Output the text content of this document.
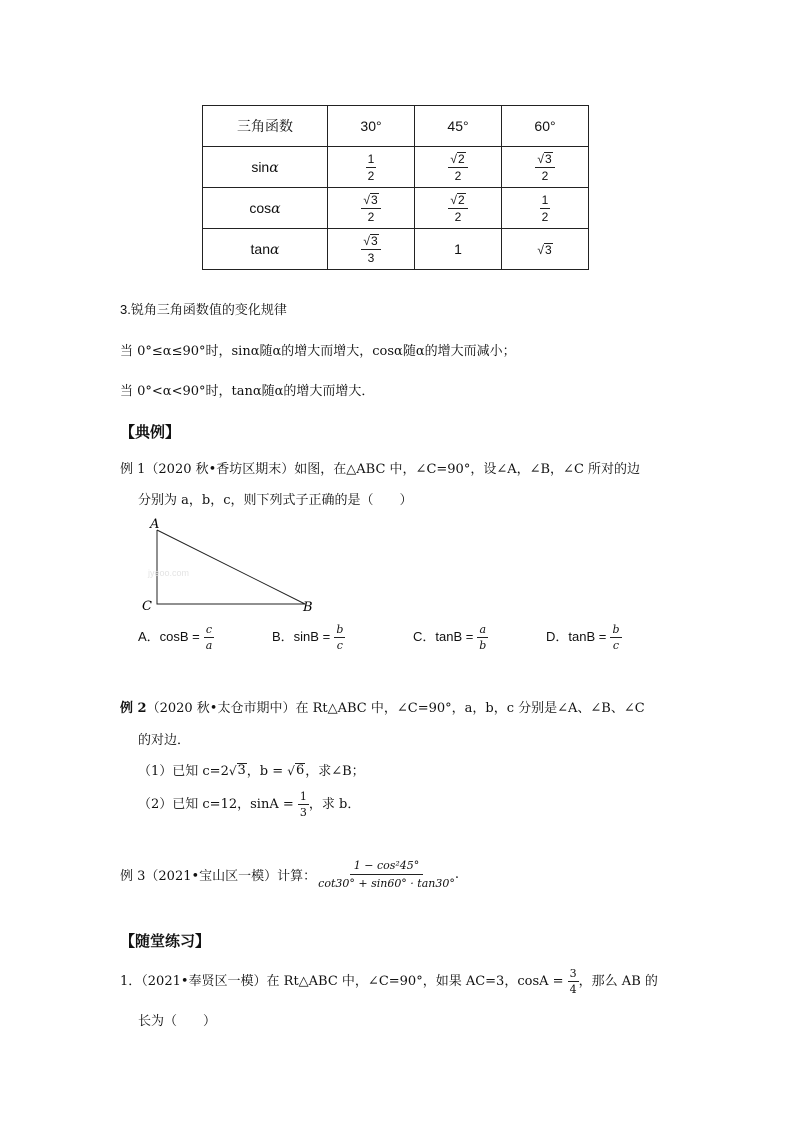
三角函数	30°	45°	60°
sinα	$\frac{1}{2}$	$\frac{√ 2}{2}$	$\frac{√ 3}{2}$

cosα	$\frac{√ 3}{2}$	$\frac{√ 2}{2}$	$\frac{1}{2}$

tanα	$\frac{√ 3}{3}$	1	√ 3
3.锐角三角函数值的变化规律
当 0°≤α≤90°时，sinα随α的增大而增大，cosα随α的增大而减小；
当 0°<α<90°时，tanα随α的增大而增大．
【典例】
例 1（2020 秋•香坊区期末）如图，在△ABC 中，∠C=90°，设∠A，∠B，∠C 所对的边
分别为 a，b，c，则下列式子正确的是（　　）
A
C	B
jyeoo.com
A．$\cos B = \frac{c}{a}$	B．$\sin B = \frac{b}{c}$	C．$\tan B = \frac{a}{b}$	D．$\tan B = \frac{b}{c}$
例 2（2020 秋•太仓市期中）在 Rt△ABC 中，∠C=90°，a，b，c 分别是∠A、∠B、∠C
的对边．
（1）已知 c=2 √ 3 ，b = √ 6 ，求∠B；
（2）已知 c=12，$\sin A = \frac{1}{3}$ ，求 b．
例 3（2021•宝山区一模）计算： $\frac{\text{1 − cos²45°}}{\cot 30^\circ + \sin 60^\circ \cdot \tan 30^\circ}$ .
【随堂练习】
1．（2021•奉贤区一模）在 Rt△ABC 中，∠C=90°，如果 AC=3，$\cos A = \frac{3}{4}$ ，那么 AB 的
长为（　　）
